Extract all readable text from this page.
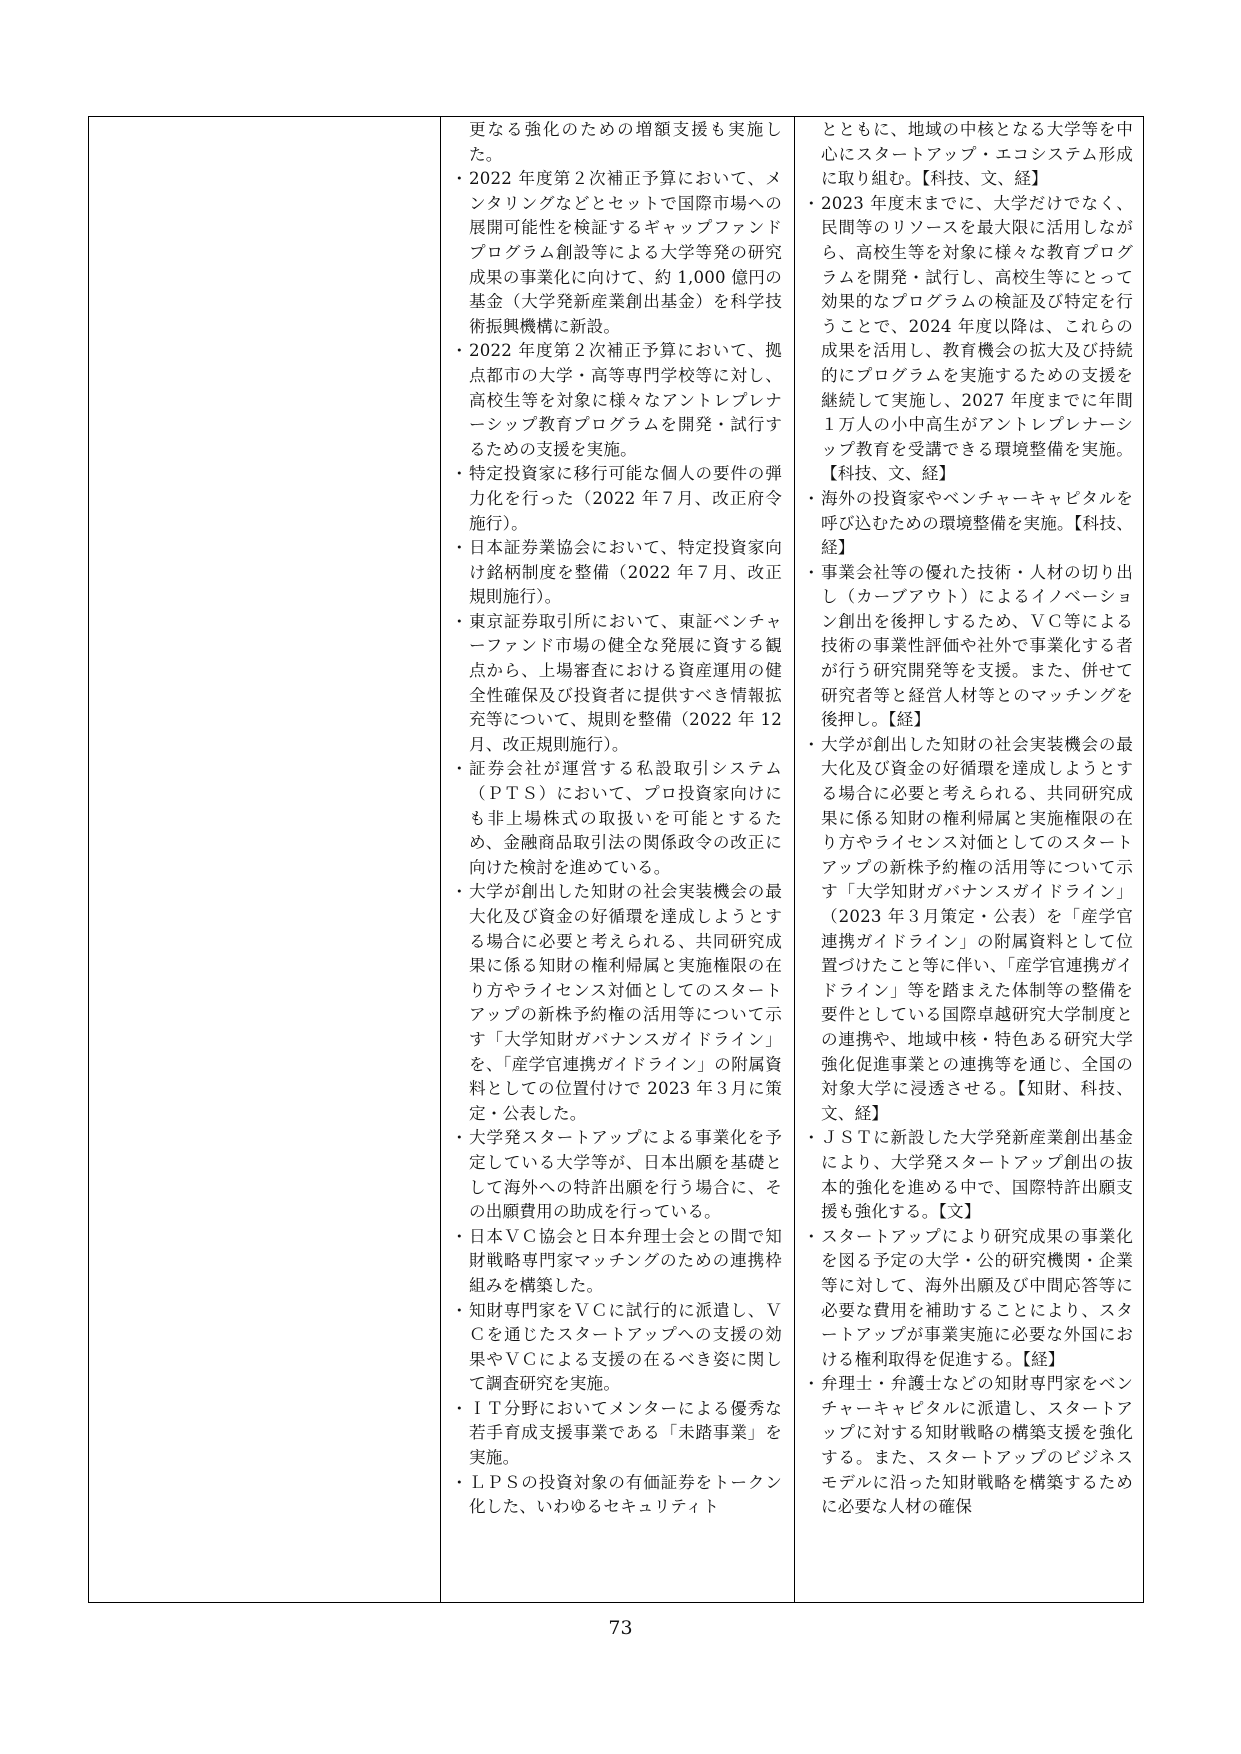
更なる強化のための増額支援も実施した。
・ 2022 年度第２次補正予算において、メンタリングなどとセットで国際市場への展開可能性を検証するギャップファンドプログラム創設等による大学等発の研究成果の事業化に向けて、約 1,000 億円の基金（大学発新産業創出基金）を科学技術振興機構に新設。
・ 2022 年度第２次補正予算において、拠点都市の大学・高等専門学校等に対し、高校生等を対象に様々なアントレプレナーシップ教育プログラムを開発・試行するための支援を実施。
・ 特定投資家に移行可能な個人の要件の弾力化を行った（2022 年７月、改正府令施行）。
・ 日本証券業協会において、特定投資家向け銘柄制度を整備（2022 年７月、改正規則施行）。
・ 東京証券取引所において、東証ベンチャーファンド市場の健全な発展に資する観点から、上場審査における資産運用の健全性確保及び投資者に提供すべき情報拡充等について、規則を整備（2022 年 12 月、改正規則施行）。
・ 証券会社が運営する私設取引システム（ＰＴＳ）において、プロ投資家向けにも非上場株式の取扱いを可能とするため、金融商品取引法の関係政令の改正に向けた検討を進めている。
・ 大学が創出した知財の社会実装機会の最大化及び資金の好循環を達成しようとする場合に必要と考えられる、共同研究成果に係る知財の権利帰属と実施権限の在り方やライセンス対価としてのスタートアップの新株予約権の活用等について示す「大学知財ガバナンスガイドライン」を、「産学官連携ガイドライン」の附属資料としての位置付けで 2023 年３月に策定・公表した。
・ 大学発スタートアップによる事業化を予定している大学等が、日本出願を基礎として海外への特許出願を行う場合に、その出願費用の助成を行っている。
・ 日本ＶＣ協会と日本弁理士会との間で知財戦略専門家マッチングのための連携枠組みを構築した。
・ 知財専門家をＶＣに試行的に派遣し、ＶＣを通じたスタートアップへの支援の効果やＶＣによる支援の在るべき姿に関して調査研究を実施。
・ ＩＴ分野においてメンターによる優秀な若手育成支援事業である「未踏事業」を実施。
・ ＬＰＳの投資対象の有価証券をトークン化した、いわゆるセキュリティト
とともに、地域の中核となる大学等を中心にスタートアップ・エコシステム形成に取り組む。【科技、文、経】
・ 2023 年度末までに、大学だけでなく、民間等のリソースを最大限に活用しながら、高校生等を対象に様々な教育プログラムを開発・試行し、高校生等にとって効果的なプログラムの検証及び特定を行うことで、2024 年度以降は、これらの成果を活用し、教育機会の拡大及び持続的にプログラムを実施するための支援を継続して実施し、2027 年度までに年間１万人の小中高生がアントレプレナーシップ教育を受講できる環境整備を実施。【科技、文、経】
・ 海外の投資家やベンチャーキャピタルを呼び込むための環境整備を実施。【科技、経】
・ 事業会社等の優れた技術・人材の切り出し（カーブアウト）によるイノベーション創出を後押しするため、ＶＣ等による技術の事業性評価や社外で事業化する者が行う研究開発等を支援。また、併せて研究者等と経営人材等とのマッチングを後押し。【経】
・ 大学が創出した知財の社会実装機会の最大化及び資金の好循環を達成しようとする場合に必要と考えられる、共同研究成果に係る知財の権利帰属と実施権限の在り方やライセンス対価としてのスタートアップの新株予約権の活用等について示す「大学知財ガバナンスガイドライン」（2023 年３月策定・公表）を「産学官連携ガイドライン」の附属資料として位置づけたこと等に伴い、「産学官連携ガイドライン」等を踏まえた体制等の整備を要件としている国際卓越研究大学制度との連携や、地域中核・特色ある研究大学強化促進事業との連携等を通じ、全国の対象大学に浸透させる。【知財、科技、文、経】
・ ＪＳＴに新設した大学発新産業創出基金により、大学発スタートアップ創出の抜本的強化を進める中で、国際特許出願支援も強化する。【文】
・ スタートアップにより研究成果の事業化を図る予定の大学・公的研究機関・企業等に対して、海外出願及び中間応答等に必要な費用を補助することにより、スタートアップが事業実施に必要な外国における権利取得を促進する。【経】
・ 弁理士・弁護士などの知財専門家をベンチャーキャピタルに派遣し、スタートアップに対する知財戦略の構築支援を強化する。また、スタートアップのビジネスモデルに沿った知財戦略を構築するために必要な人材の確保
73
